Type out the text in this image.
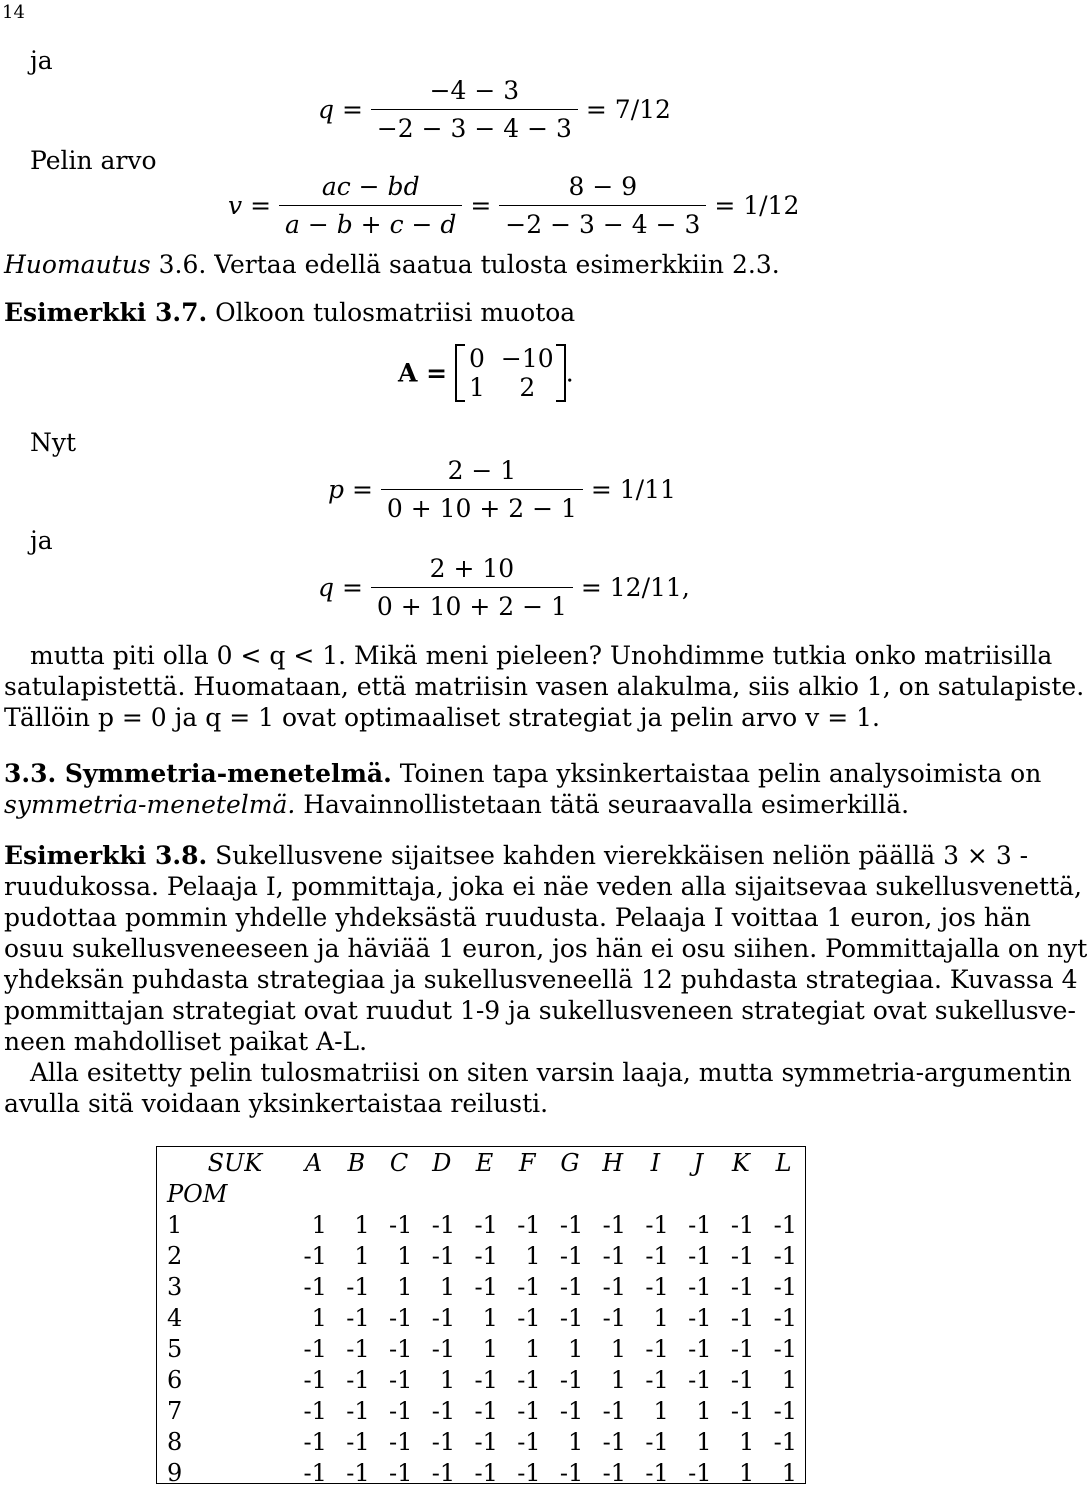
14
ja
$q = \frac{-4 - 3}{-2 - 3 - 4 - 3} = 7/12$
Pelin arvo
$v = \frac{ac - bd}{a - b + c - d} = \frac{8 - 9}{-2 - 3 - 4 - 3} = 1/12$
Huomautus 3.6. Vertaa edellä saatua tulosta esimerkkiin 2.3.
Esimerkki 3.7. Olkoon tulosmatriisi muotoa
A = 0	−10
1	2 .
Nyt
$p = \frac{2 - 1}{0 + 10 + 2 - 1} = 1/11$
ja
$q = \frac{2 + 10}{0 + 10 + 2 - 1} = 12/11$,
mutta piti olla 0 < q < 1. Mikä meni pieleen? Unohdimme tutkia onko matriisilla
satulapistettä. Huomataan, että matriisin vasen alakulma, siis alkio 1, on satulapiste.
Tällöin p = 0 ja q = 1 ovat optimaaliset strategiat ja pelin arvo v = 1.
3.3. Symmetria-menetelmä. Toinen tapa yksinkertaistaa pelin analysoimista on
symmetria-menetelmä. Havainnollistetaan tätä seuraavalla esimerkillä.
Esimerkki 3.8. Sukellusvene sijaitsee kahden vierekkäisen neliön päällä 3 × 3 -
ruudukossa. Pelaaja I, pommittaja, joka ei näe veden alla sijaitsevaa sukellusvenettä,
pudottaa pommin yhdelle yhdeksästä ruudusta. Pelaaja I voittaa 1 euron, jos hän
osuu sukellusveneeseen ja häviää 1 euron, jos hän ei osu siihen. Pommittajalla on nyt
yhdeksän puhdasta strategiaa ja sukellusveneellä 12 puhdasta strategiaa. Kuvassa 4
pommittajan strategiat ovat ruudut 1-9 ja sukellusveneen strategiat ovat sukellusve-
neen mahdolliset paikat A-L.
Alla esitetty pelin tulosmatriisi on siten varsin laaja, mutta symmetria-argumentin
avulla sitä voidaan yksinkertaistaa reilusti.
SUK	A	B	C	D	E	F	G	H	I	J	K	L
POM												
1	1	1	-1	-1	-1	-1	-1	-1	-1	-1	-1	-1
2	-1	1	1	-1	-1	1	-1	-1	-1	-1	-1	-1
3	-1	-1	1	1	-1	-1	-1	-1	-1	-1	-1	-1
4	1	-1	-1	-1	1	-1	-1	-1	1	-1	-1	-1
5	-1	-1	-1	-1	1	1	1	1	-1	-1	-1	-1
6	-1	-1	-1	1	-1	-1	-1	1	-1	-1	-1	1
7	-1	-1	-1	-1	-1	-1	-1	-1	1	1	-1	-1
8	-1	-1	-1	-1	-1	-1	1	-1	-1	1	1	-1
9	-1	-1	-1	-1	-1	-1	-1	-1	-1	-1	1	1
